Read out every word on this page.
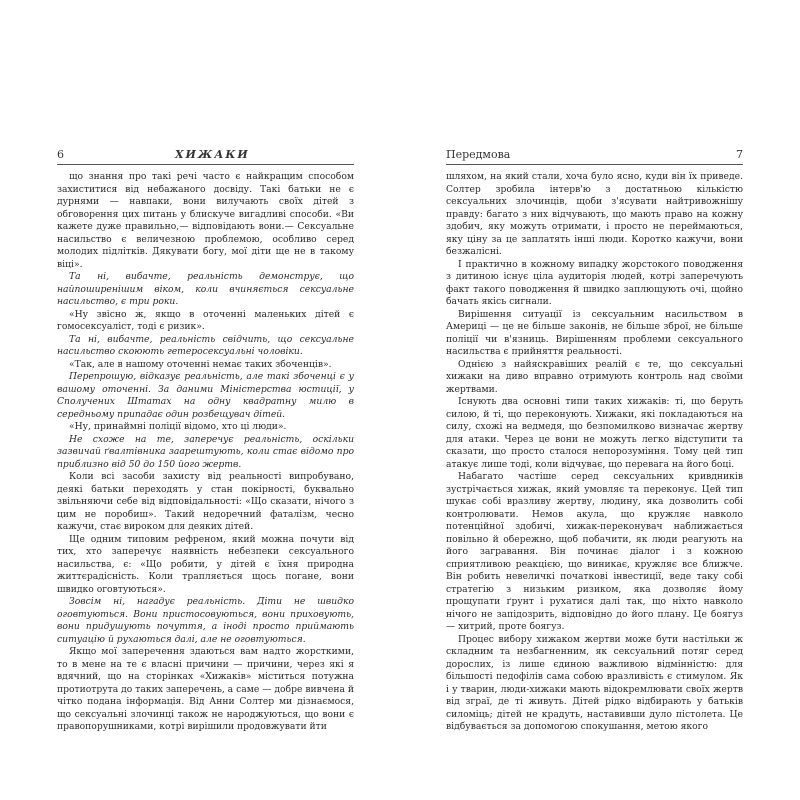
6	ХИЖАКИ

що знання про такі речі часто є найкращим способом захиститися від небажаного досвіду. Такі батьки не є дурнями — навпаки, вони вилучають своїх дітей з обговорення цих питань у блискуче вигадливі способи. «Ви кажете дуже правильно,— відповідають вони.— Сексуальне насильство є величезною проблемою, особливо серед молодих підлітків. Дякувати богу, мої діти ще не в такому віці».

Та ні, вибачте, реальність демонструє, що найпоширенішим віком, коли вчиняється сексуальне насильство, є три роки.

«Ну звісно ж, якщо в оточенні маленьких дітей є гомосексуаліст, тоді є ризик».

Та ні, вибачте, реальність свідчить, що сексуальне насильство скоюють гетеросексуальні чоловіки.

«Так, але в нашому оточенні немає таких збоченців».

Перепрошую, відказує реальність, але такі збоченці є у вашому оточенні. За даними Міністерства юстиції, у Сполучених Штатах на одну квадратну милю в середньому припадає один розбещувач дітей.

«Ну, принаймні поліції відомо, хто ці люди».

Не схоже на те, заперечує реальність, оскільки зазвичай ґвалтівника заарештують, коли стає відомо про приблизно від 50 до 150 його жертв.

Коли всі засоби захисту від реальності випробувано, деякі батьки переходять у стан покірності, буквально звільняючи себе від відповідальності: «Що сказати, нічого з цим не поробиш». Такий недоречний фаталізм, чесно кажучи, стає вироком для деяких дітей.

Ще одним типовим рефреном, який можна почути від тих, хто заперечує наявність небезпеки сексуального насильства, є: «Що робити, у дітей є їхня природна життєрадісність. Коли трапляється щось погане, вони швидко оговтуються».

Зовсім ні, нагадує реальність. Діти не швидко оговтуються. Вони пристосовуються, вони приховують, вони придушують почуття, а іноді просто приймають ситуацію й рухаються далі, але не оговтуються.

Якщо мої заперечення здаються вам надто жорсткими, то в мене на те є власні причини — причини, через які я вдячний, що на сторінках «Хижаків» міститься потужна протиотрута до таких заперечень, а саме — добре вивчена й чітко подана інформація. Від Анни Солтер ми дізнаємося, що сексуальні злочинці також не народжуються, що вони є правопорушниками, котрі вирішили продовжувати йти

Передмова	7

шляхом, на який стали, хоча було ясно, куди він їх приведе. Солтер зробила інтерв'ю з достатньою кількістю сексуальних злочинців, щоби з'ясувати найтривожнішу правду: багато з них відчувають, що мають право на кожну здобич, яку можуть отримати, і просто не переймаються, яку ціну за це заплатять інші люди. Коротко кажучи, вони безжалісні.

І практично в кожному випадку жорстокого поводження з дитиною існує ціла аудиторія людей, котрі заперечують факт такого поводження й швидко заплющують очі, щойно бачать якісь сигнали.

Вирішення ситуації із сексуальним насильством в Америці — це не більше законів, не більше зброї, не більше поліції чи в'язниць. Вирішенням проблеми сексуального насильства є прийняття реальності.

Однією з найяскравіших реалій є те, що сексуальні хижаки на диво вправно отримують контроль над своїми жертвами.

Існують два основні типи таких хижаків: ті, що беруть силою, й ті, що переконують. Хижаки, які покладаються на силу, схожі на ведмедя, що безпомилково визначає жертву для атаки. Через це вони не можуть легко відступити та сказати, що просто сталося непорозуміння. Тому цей тип атакує лише тоді, коли відчуває, що перевага на його боці.

Набагато частіше серед сексуальних кривдників зустрічається хижак, який умовляє та переконує. Цей тип шукає собі вразливу жертву, людину, яка дозволить собі контролювати. Немов акула, що кружляє навколо потенційної здобичі, хижак-переконувач наближається повільно й обережно, щоб побачити, як люди реагують на його загравання. Він починає діалог і з кожною сприятливою реакцією, що виникає, кружляє все ближче. Він робить невеличкі початкові інвестиції, веде таку собі стратегію з низьким ризиком, яка дозволяє йому прощупати ґрунт і рухатися далі так, що ніхто навколо нічого не запідозрить, відповідно до його плану. Це боягуз — хитрий, проте боягуз.

Процес вибору хижаком жертви може бути настільки ж складним та незбагненним, як сексуальний потяг серед дорослих, із лише єдиною важливою відмінністю: для більшості педофілів сама собою вразливість є стимулом. Як і у тварин, люди-хижаки мають відокремлювати своїх жертв від зграї, де ті живуть. Дітей рідко відбирають у батьків силоміць; дітей не крадуть, наставивши дуло пістолета. Це відбувається за допомогою спокушання, метою якого
